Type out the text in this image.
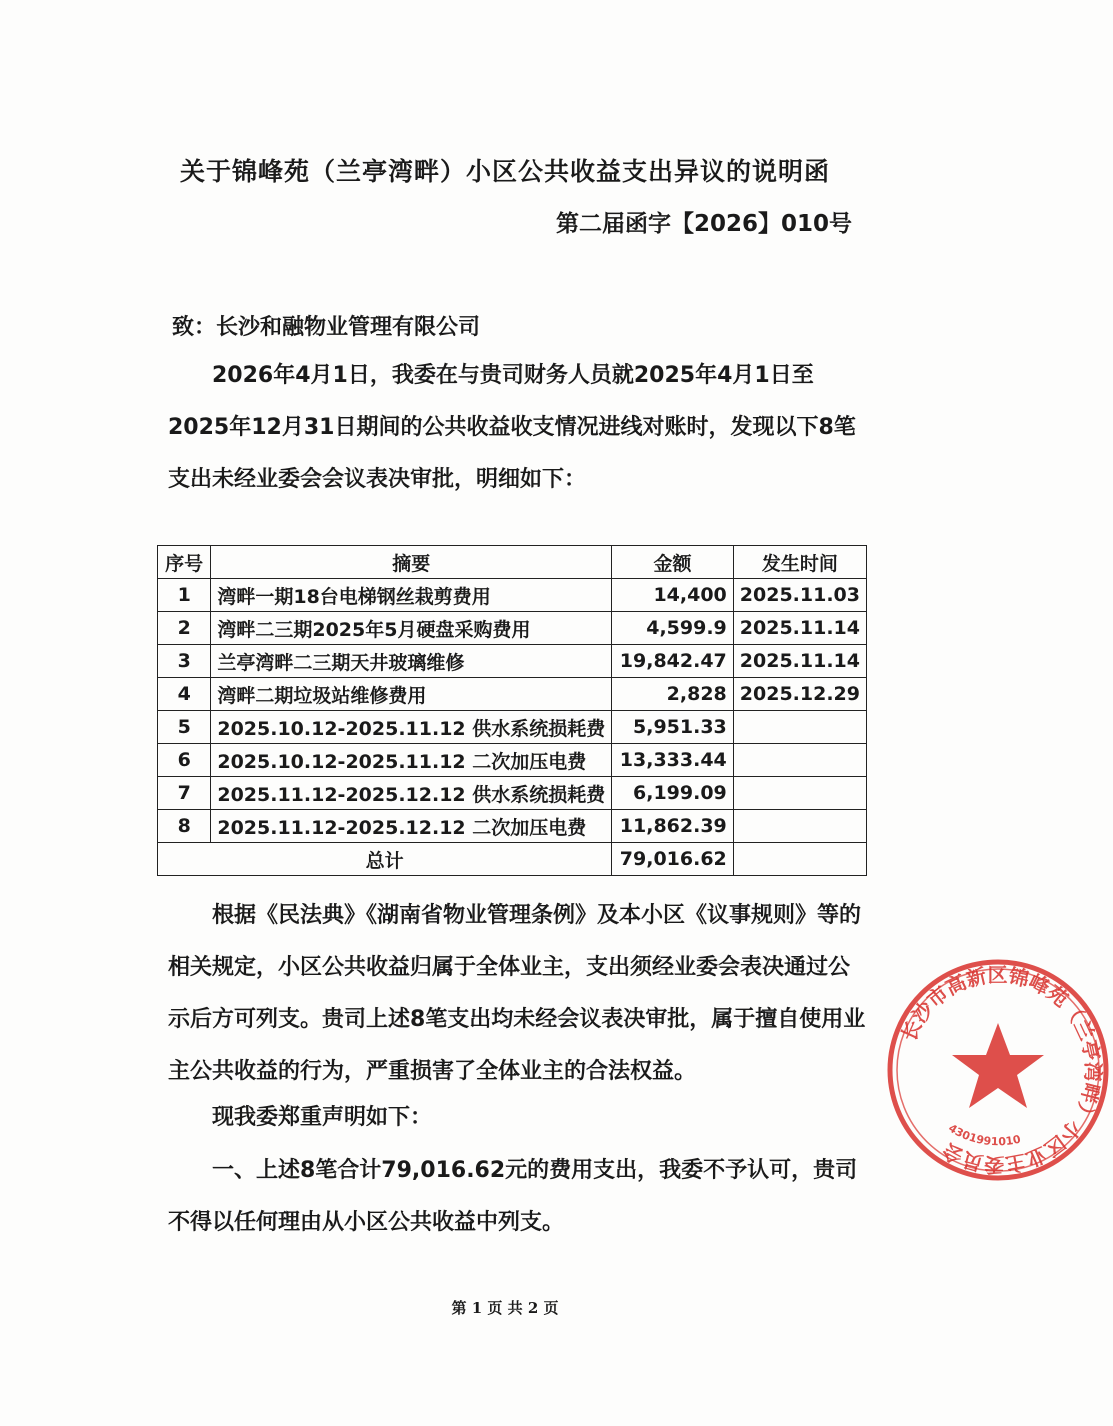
关于锦峰苑（兰亭湾畔）小区公共收益支出异议的说明函
第二届函字【2026】010号
致：长沙和融物业管理有限公司
2026年4月1日，我委在与贵司财务人员就2025年4月1日至2025年12月31日期间的公共收益收支情况进线对账时，发现以下8笔支出未经业委会会议表决审批，明细如下：
序号	摘要	金额	发生时间
1	湾畔一期18台电梯钢丝栽剪费用	14,400	2025.11.03
2	湾畔二三期2025年5月硬盘采购费用	4,599.9	2025.11.14
3	兰亭湾畔二三期天井玻璃维修	19,842.47	2025.11.14
4	湾畔二期垃圾站维修费用	2,828	2025.12.29
5	2025.10.12-2025.11.12 供水系统损耗费	5,951.33	
6	2025.10.12-2025.11.12 二次加压电费	13,333.44	
7	2025.11.12-2025.12.12 供水系统损耗费	6,199.09	
8	2025.11.12-2025.12.12 二次加压电费	11,862.39	
总计		79,016.62	
根据《民法典》《湖南省物业管理条例》及本小区《议事规则》等的相关规定，小区公共收益归属于全体业主，支出须经业委会表决通过公示后方可列支。贵司上述8笔支出均未经会议表决审批，属于擅自使用业主公共收益的行为，严重损害了全体业主的合法权益。
现我委郑重声明如下：
一、上述8笔合计79,016.62元的费用支出，我委不予认可，贵司不得以任何理由从小区公共收益中列支。
第 1 页 共 2 页
长沙市高新区锦峰苑（兰亭湾畔）小区业主委员会
4301991010
